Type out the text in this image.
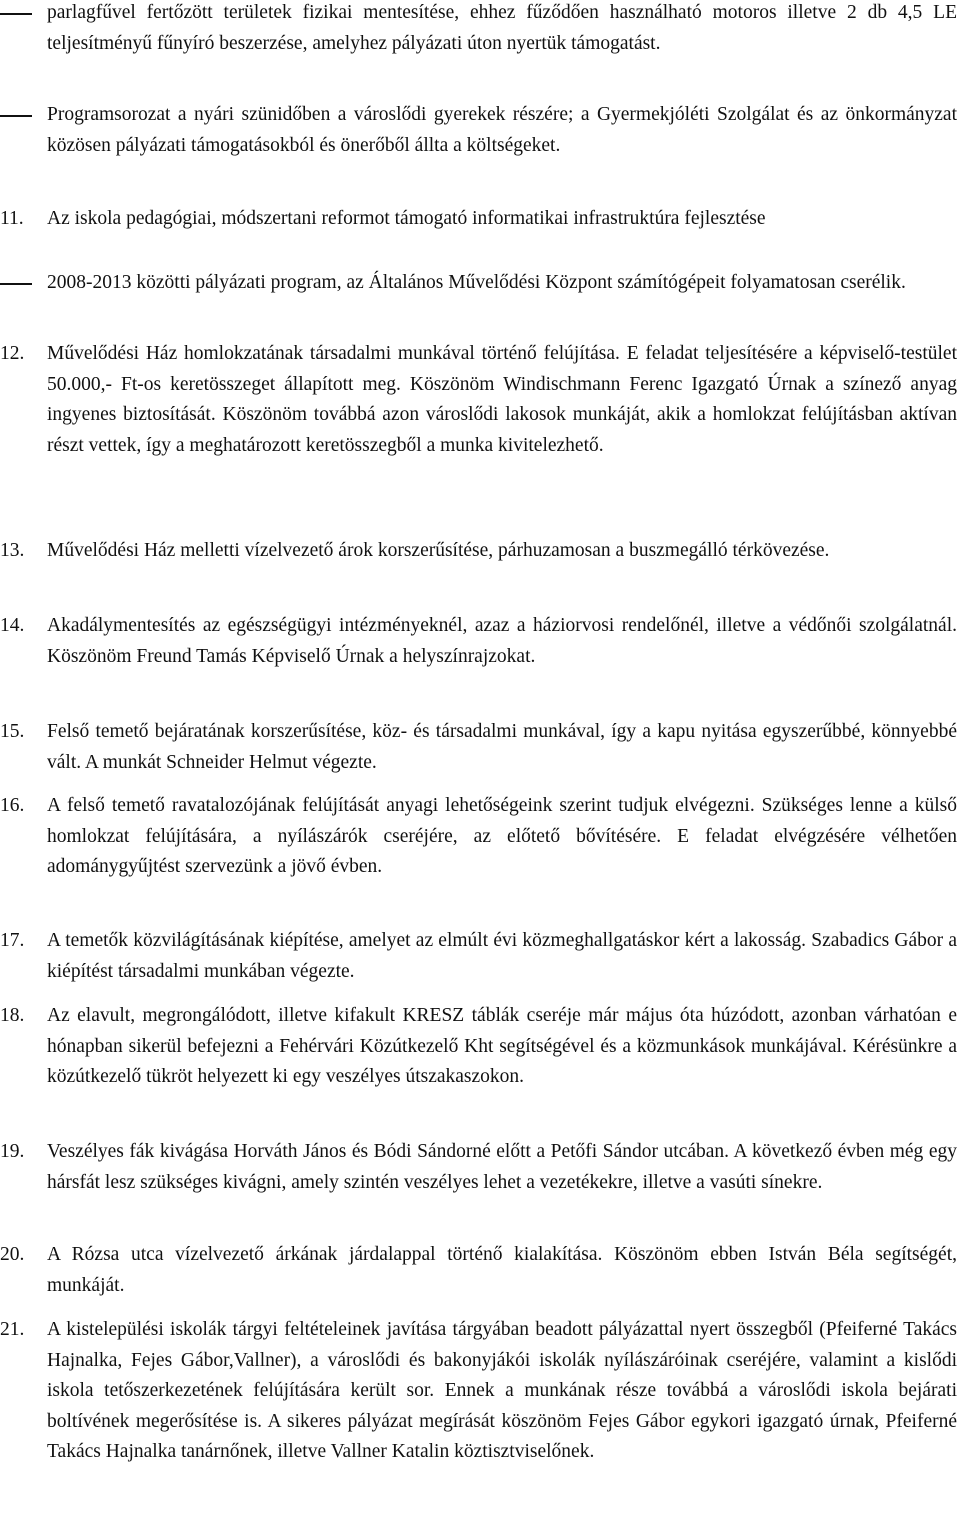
parlagfűvel fertőzött területek fizikai mentesítése, ehhez fűződően használható motoros illetve 2 db 4,5 LE teljesítményű fűnyíró beszerzése, amelyhez pályázati úton nyertük támogatást.

Programsorozat a nyári szünidőben a városlődi gyerekek részére; a Gyermekjóléti Szolgálat és az önkormányzat közösen pályázati támogatásokból és önerőből állta a költségeket.

11. Az iskola pedagógiai, módszertani reformot támogató informatikai infrastruktúra fejlesztése

2008-2013 közötti pályázati program, az Általános Művelődési Központ számítógépeit folyamatosan cserélik.

12. Művelődési Ház homlokzatának társadalmi munkával történő felújítása. E feladat teljesítésére a képviselő-testület 50.000,- Ft-os keretösszeget állapított meg. Köszönöm Windischmann Ferenc Igazgató Úrnak a színező anyag ingyenes biztosítását. Köszönöm továbbá azon városlődi lakosok munkáját, akik a homlokzat felújításban aktívan részt vettek, így a meghatározott keretösszegből a munka kivitelezhető.

13. Művelődési Ház melletti vízelvezető árok korszerűsítése, párhuzamosan a buszmegálló térkövezése.

14. Akadálymentesítés az egészségügyi intézményeknél, azaz a háziorvosi rendelőnél, illetve a védőnői szolgálatnál. Köszönöm Freund Tamás Képviselő Úrnak a helyszínrajzokat.

15. Felső temető bejáratának korszerűsítése, köz- és társadalmi munkával, így a kapu nyitása egyszerűbbé, könnyebbé vált. A munkát Schneider Helmut végezte.

16. A felső temető ravatalozójának felújítását anyagi lehetőségeink szerint tudjuk elvégezni. Szükséges lenne a külső homlokzat felújítására, a nyílászárók cseréjére, az előtető bővítésére. E feladat elvégzésére vélhetően adománygyűjtést szervezünk a jövő évben.

17. A temetők közvilágításának kiépítése, amelyet az elmúlt évi közmeghallgatáskor kért a lakosság. Szabadics Gábor a kiépítést társadalmi munkában végezte.

18. Az elavult, megrongálódott, illetve kifakult KRESZ táblák cseréje már május óta húzódott, azonban várhatóan e hónapban sikerül befejezni a Fehérvári Közútkezelő Kht segítségével és a közmunkások munkájával. Kérésünkre a közútkezelő tükröt helyezett ki egy veszélyes útszakaszokon.

19. Veszélyes fák kivágása Horváth János és Bódi Sándorné előtt a Petőfi Sándor utcában. A következő évben még egy hársfát lesz szükséges kivágni, amely szintén veszélyes lehet a vezetékekre, illetve a vasúti sínekre.

20. A Rózsa utca vízelvezető árkának járdalappal történő kialakítása. Köszönöm ebben István Béla segítségét, munkáját.

21. A kistelepülési iskolák tárgyi feltételeinek javítása tárgyában beadott pályázattal nyert összegből (Pfeiferné Takács Hajnalka, Fejes Gábor,Vallner), a városlődi és bakonyjákói iskolák nyílászáróinak cseréjére, valamint a kislődi iskola tetőszerkezetének felújítására került sor. Ennek a munkának része továbbá a városlődi iskola bejárati boltívének megerősítése is. A sikeres pályázat megírását köszönöm Fejes Gábor egykori igazgató úrnak, Pfeiferné Takács Hajnalka tanárnőnek, illetve Vallner Katalin köztisztviselőnek.
